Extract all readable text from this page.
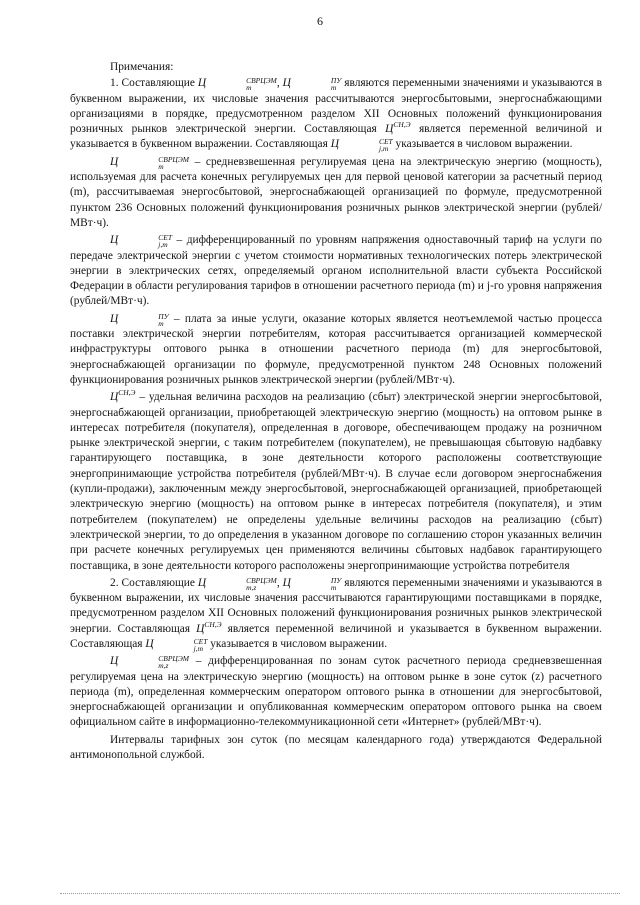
6
Примечания:
1. Составляющие Ц	СВРЦЭМ
m	, Ц	ПУ
m являются переменными значениями и указываются в буквенном выражении, их числовые значения рассчитываются энергосбытовыми, энергоснабжающими организациями в порядке, предусмотренном разделом XII Основных положений функционирования розничных рынков электрической энергии. Составляющая $Ц^{СН,Э}$ является переменной величиной и указывается в буквенном выражении. Составляющая Ц	СЕТ
j,m указывается в числовом выражении.
Ц	СВРЦЭМ
m	– средневзвешенная регулируемая цена на электрическую энергию (мощность), используемая для расчета конечных регулируемых цен для первой ценовой категории за расчетный период (m), рассчитываемая энергосбытовой, энергоснабжающей организацией по формуле, предусмотренной пунктом 236 Основных положений функционирования розничных рынков электрической энергии (рублей/МВт·ч).
Ц	СЕТ
j,m – дифференцированный по уровням напряжения одноставочный тариф на услуги по передаче электрической энергии с учетом стоимости нормативных технологических потерь электрической энергии в электрических сетях, определяемый органом исполнительной власти субъекта Российской Федерации в области регулирования тарифов в отношении расчетного периода (m) и j-го уровня напряжения (рублей/МВт·ч).
Ц	ПУ
m – плата за иные услуги, оказание которых является неотъемлемой частью процесса поставки электрической энергии потребителям, которая рассчитывается организацией коммерческой инфраструктуры оптового рынка в отношении расчетного периода (m) для энергосбытовой, энергоснабжающей организации по формуле, предусмотренной пунктом 248 Основных положений функционирования розничных рынков электрической энергии (рублей/МВт·ч).
$Ц^{СН,Э}$ – удельная величина расходов на реализацию (сбыт) электрической энергии энергосбытовой, энергоснабжающей организации, приобретающей электрическую энергию (мощность) на оптовом рынке в интересах потребителя (покупателя), определенная в договоре, обеспечивающем продажу на розничном рынке электрической энергии, с таким потребителем (покупателем), не превышающая сбытовую надбавку гарантирующего поставщика, в зоне деятельности которого расположены соответствующие энергопринимающие устройства потребителя (рублей/МВт·ч). В случае если договором энергоснабжения (купли-продажи), заключенным между энергосбытовой, энергоснабжающей организацией, приобретающей электрическую энергию (мощность) на оптовом рынке в интересах потребителя (покупателя), и этим потребителем (покупателем) не определены удельные величины расходов на реализацию (сбыт) электрической энергии, то до определения в указанном договоре по соглашению сторон указанных величин при расчете конечных регулируемых цен применяются величины сбытовых надбавок гарантирующего поставщика, в зоне деятельности которого расположены энергопринимающие устройства потребителя
2. Составляющие Ц	СВРЦЭМ
m,z	, Ц	ПУ
m являются переменными значениями и указываются в буквенном выражении, их числовые значения рассчитываются гарантирующими поставщиками в порядке, предусмотренном разделом XII Основных положений функционирования розничных рынков электрической энергии. Составляющая $Ц^{СН,Э}$ является переменной величиной и указывается в буквенном выражении. Составляющая Ц	СЕТ
j,m указывается в числовом выражении.
Ц	СВРЦЭМ
m,z	– дифференцированная по зонам суток расчетного периода средневзвешенная регулируемая цена на электрическую энергию (мощность) на оптовом рынке в зоне суток (z) расчетного периода (m), определенная коммерческим оператором оптового рынка в отношении для энергосбытовой, энергоснабжающей организации и опубликованная коммерческим оператором оптового рынка на своем официальном сайте в информационно-телекоммуникационной сети «Интернет» (рублей/МВт·ч).
Интервалы тарифных зон суток (по месяцам календарного года) утверждаются Федеральной антимонопольной службой.
